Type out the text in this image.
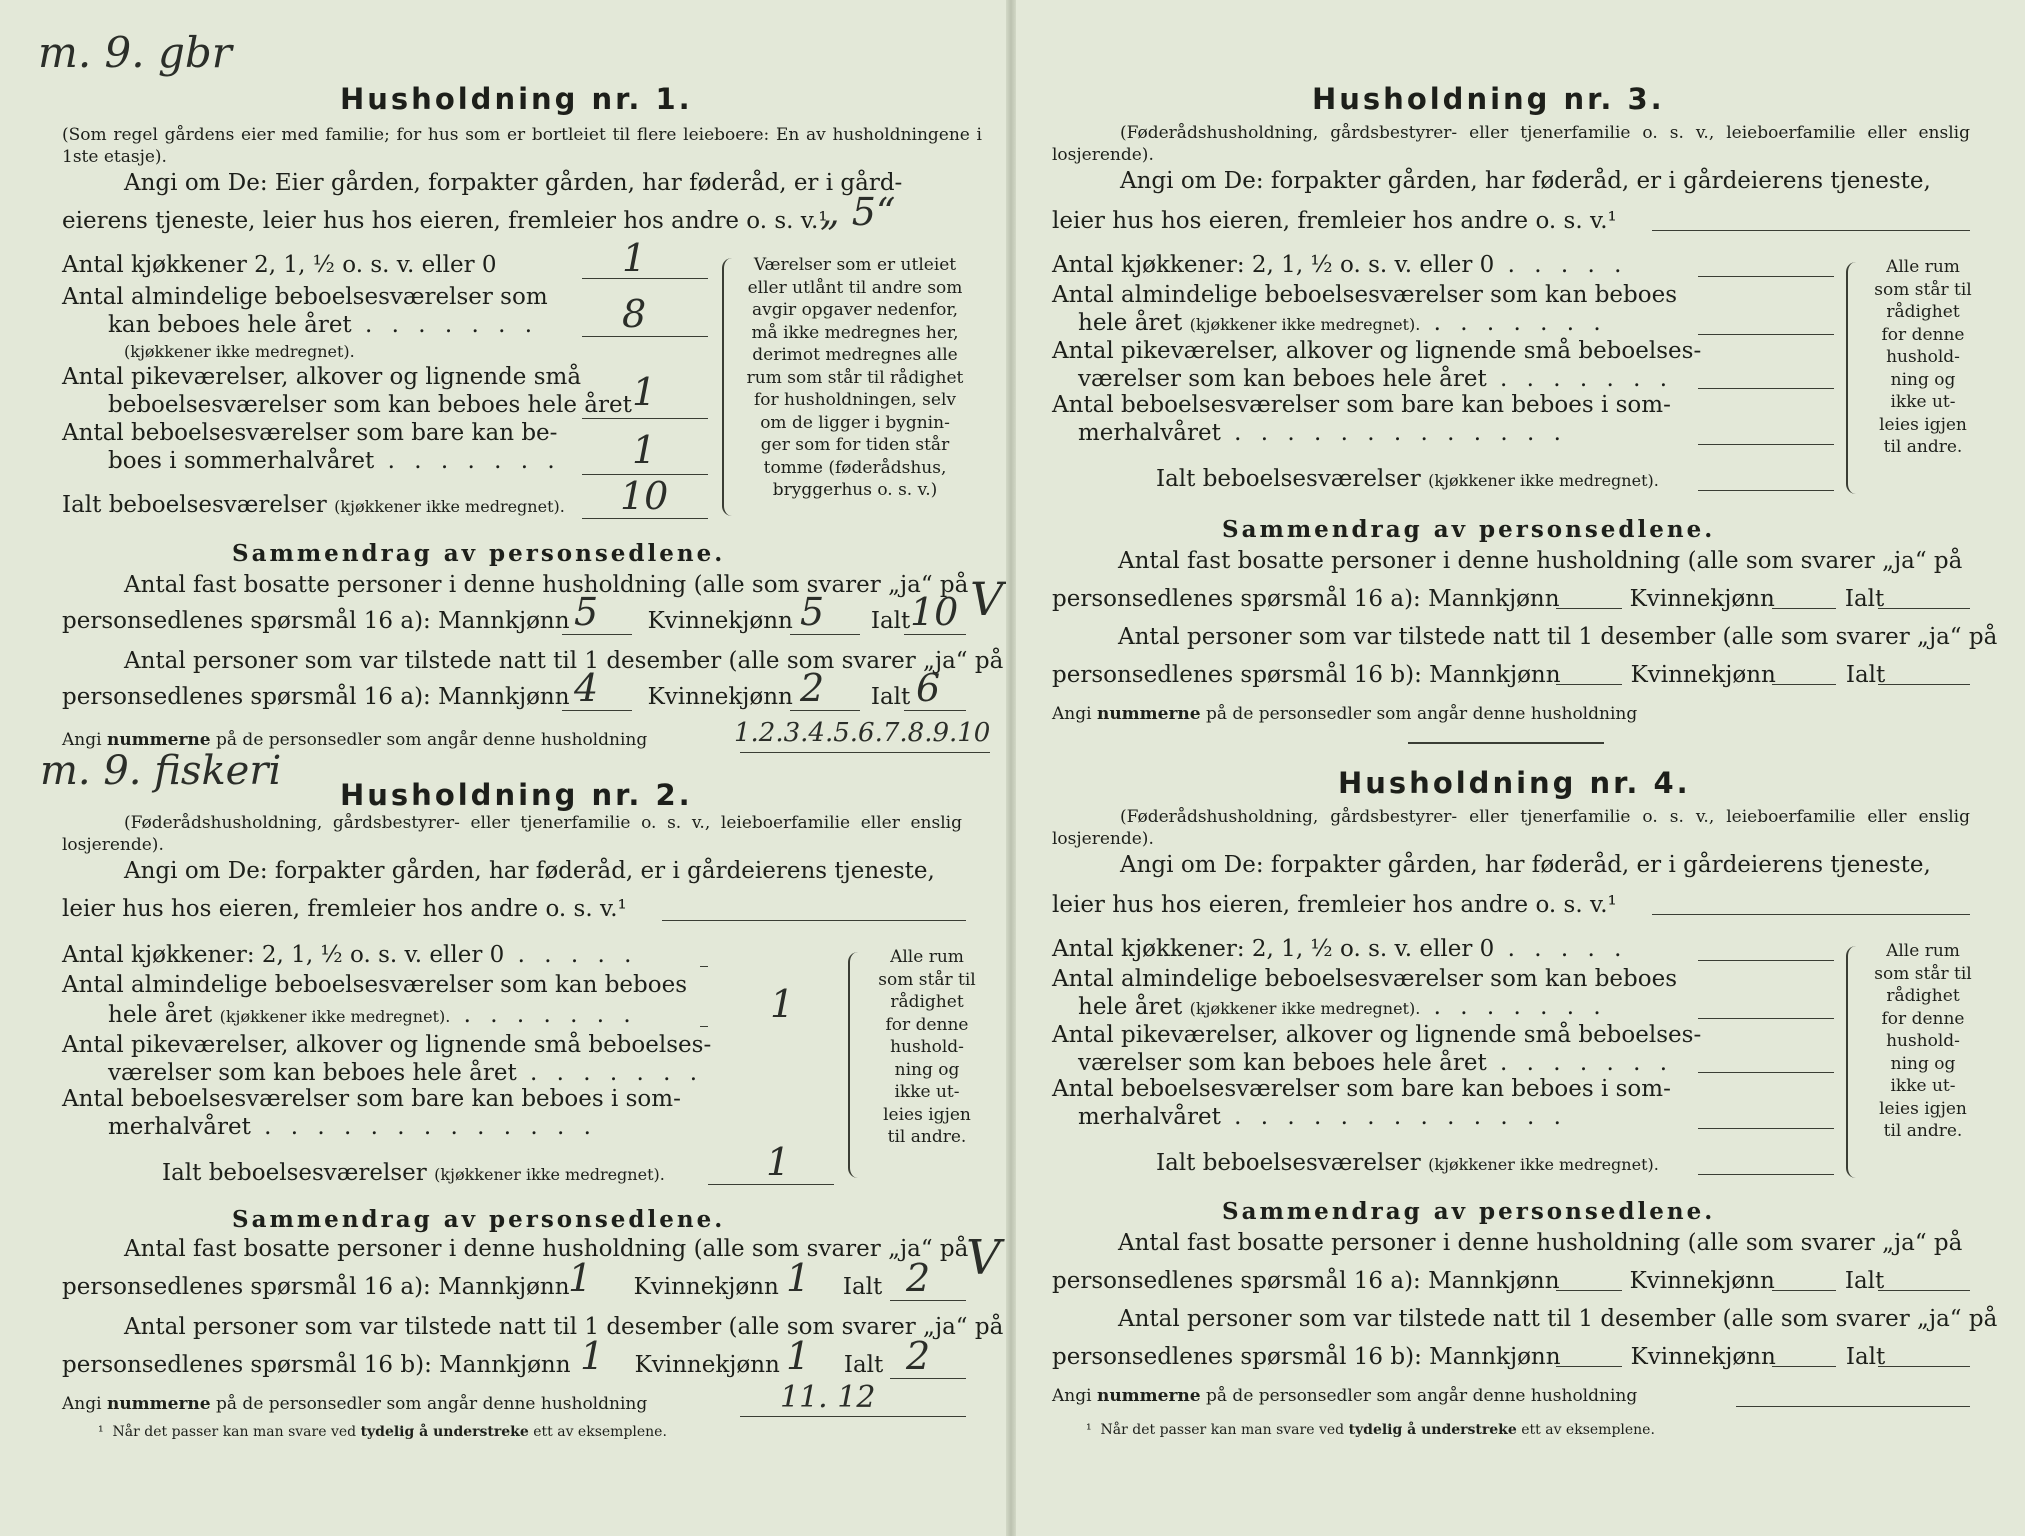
m. 9. gbr
Husholdning nr. 1.
(Som regel gårdens eier med familie; for hus som er bortleiet til flere leieboere: En av husholdningene i 1ste etasje).
Angi om De: Eier gården, forpakter gården, har føderåd, er i gård-
eierens tjeneste, leier hus hos eieren, fremleier hos andre o. s. v.¹
„ 5“
Antal kjøkkener 2, 1, ½ o. s. v. eller 0	1
Antal almindelige beboelsesværelser som
kan beboes hele året . . . . . . .
(kjøkkener ikke medregnet).
8
Antal pikeværelser, alkover og lignende små
beboelsesværelser som kan beboes hele året 1
Antal beboelsesværelser som bare kan be-
boes i sommerhalvåret . . . . . . . 1
Ialt beboelsesværelser (kjøkkener ikke medregnet). 10
Værelser som er utleiet
eller utlånt til andre som
avgir opgaver nedenfor,
må ikke medregnes her,
derimot medregnes alle
rum som står til rådighet
for husholdningen, selv
om de ligger i bygnin-
ger som for tiden står
tomme (føderådshus,
bryggerhus o. s. v.)
Sammendrag av personsedlene.
Antal fast bosatte personer i denne husholdning (alle som svarer „ja“ på
personsedlenes spørsmål 16 a): Mannkjønn	Kvinnekjønn	Ialt
5	5 10 V
Antal personer som var tilstede natt til 1 desember (alle som svarer „ja“ på
personsedlenes spørsmål 16 a): Mannkjønn	Kvinnekjønn	Ialt
4	2 6
Angi nummerne på de personsedler som angår denne husholdning	1.2.3.4.5.6.7.8.9.10
m. 9. fiskeri
Husholdning nr. 2.
(Føderådshusholdning, gårdsbestyrer- eller tjenerfamilie o. s. v., leieboerfamilie eller enslig losjerende).
Angi om De: forpakter gården, har føderåd, er i gårdeierens tjeneste,
leier hus hos eieren, fremleier hos andre o. s. v.¹
Antal kjøkkener: 2, 1, ½ o. s. v. eller 0 . . . . .
Antal almindelige beboelsesværelser som kan beboes
hele året (kjøkkener ikke medregnet). . . . . . . .	1
Antal pikeværelser, alkover og lignende små beboelses-
værelser som kan beboes hele året . . . . . . .
Antal beboelsesværelser som bare kan beboes i som-
merhalvåret . . . . . . . . . . . . .
Ialt beboelsesværelser (kjøkkener ikke medregnet).	1
Alle rum
som står til
rådighet
for denne
hushold-
ning og
ikke ut-
leies igjen
til andre.
Sammendrag av personsedlene.
Antal fast bosatte personer i denne husholdning (alle som svarer „ja“ på
personsedlenes spørsmål 16 a): Mannkjønn	Kvinnekjønn	Ialt
1	1	2 V
Antal personer som var tilstede natt til 1 desember (alle som svarer „ja“ på
personsedlenes spørsmål 16 b): Mannkjønn	Kvinnekjønn	Ialt
1	1	2
Angi nummerne på de personsedler som angår denne husholdning	11. 12
¹ Når det passer kan man svare ved tydelig å understreke ett av eksemplene.
Husholdning nr. 3.
(Føderådshusholdning, gårdsbestyrer- eller tjenerfamilie o. s. v., leieboerfamilie eller enslig losjerende).
Angi om De: forpakter gården, har føderåd, er i gårdeierens tjeneste,
leier hus hos eieren, fremleier hos andre o. s. v.¹
Antal kjøkkener: 2, 1, ½ o. s. v. eller 0 . . . . .
Antal almindelige beboelsesværelser som kan beboes
hele året (kjøkkener ikke medregnet). . . . . . . .
Antal pikeværelser, alkover og lignende små beboelses-
værelser som kan beboes hele året . . . . . . .
Antal beboelsesværelser som bare kan beboes i som-
merhalvåret . . . . . . . . . . . . .
Ialt beboelsesværelser (kjøkkener ikke medregnet).
Alle rum
som står til
rådighet
for denne
hushold-
ning og
ikke ut-
leies igjen
til andre.
Sammendrag av personsedlene.
Antal fast bosatte personer i denne husholdning (alle som svarer „ja“ på
personsedlenes spørsmål 16 a): Mannkjønn	Kvinnekjønn	Ialt
Antal personer som var tilstede natt til 1 desember (alle som svarer „ja“ på
personsedlenes spørsmål 16 b): Mannkjønn	Kvinnekjønn	Ialt
Angi nummerne på de personsedler som angår denne husholdning
Husholdning nr. 4.
(Føderådshusholdning, gårdsbestyrer- eller tjenerfamilie o. s. v., leieboerfamilie eller enslig losjerende).
Angi om De: forpakter gården, har føderåd, er i gårdeierens tjeneste,
leier hus hos eieren, fremleier hos andre o. s. v.¹
Antal kjøkkener: 2, 1, ½ o. s. v. eller 0 . . . . .
Antal almindelige beboelsesværelser som kan beboes
hele året (kjøkkener ikke medregnet). . . . . . . .
Antal pikeværelser, alkover og lignende små beboelses-
værelser som kan beboes hele året . . . . . . .
Antal beboelsesværelser som bare kan beboes i som-
merhalvåret . . . . . . . . . . . . .
Ialt beboelsesværelser (kjøkkener ikke medregnet).
Alle rum
som står til
rådighet
for denne
hushold-
ning og
ikke ut-
leies igjen
til andre.
Sammendrag av personsedlene.
Antal fast bosatte personer i denne husholdning (alle som svarer „ja“ på
personsedlenes spørsmål 16 a): Mannkjønn	Kvinnekjønn	Ialt
Antal personer som var tilstede natt til 1 desember (alle som svarer „ja“ på
personsedlenes spørsmål 16 b): Mannkjønn	Kvinnekjønn	Ialt
Angi nummerne på de personsedler som angår denne husholdning
¹ Når det passer kan man svare ved tydelig å understreke ett av eksemplene.
